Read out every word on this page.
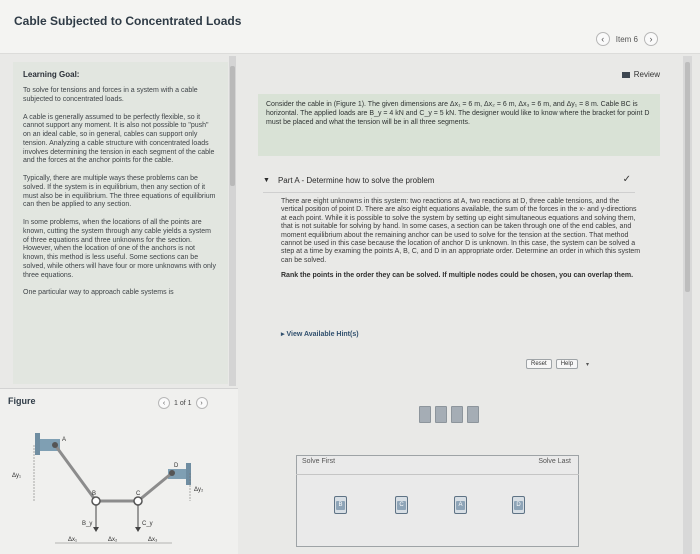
Cable Subjected to Concentrated Loads
‹ Item 6 ›
Learning Goal:

To solve for tensions and forces in a system with a cable subjected to concentrated loads.

A cable is generally assumed to be perfectly flexible, so it cannot support any moment. It is also not possible to "push" on an ideal cable, so in general, cables can support only tension. Analyzing a cable structure with concentrated loads involves determining the tension in each segment of the cable and the forces at the anchor points for the cable.

Typically, there are multiple ways these problems can be solved. If the system is in equilibrium, then any section of it must also be in equilibrium. The three equations of equilibrium can then be applied to any section.

In some problems, when the locations of all the points are known, cutting the system through any cable yields a system of three equations and three unknowns for the section. However, when the location of one of the anchors is not known, this method is less useful. Some sections can be solved, while others will have four or more unknowns with only three equations.

One particular way to approach cable systems is

Figure	‹ 1 of 1 ›
A
B	C
D
Δy₁
Δy₂
B_y	C_y
Δx₁	Δx₂	Δx₃
Review
Consider the cable in (Figure 1). The given dimensions are Δx₁ = 6 m, Δx₂ = 6 m, Δx₃ = 6 m, and Δy₁ = 8 m. Cable BC is horizontal. The applied loads are B_y = 4 kN and C_y = 5 kN. The designer would like to know where the bracket for point D must be placed and what the tension will be in all three segments.
▼ Part A - Determine how to solve the problem	✓
There are eight unknowns in this system: two reactions at A, two reactions at D, three cable tensions, and the vertical position of point D. There are also eight equations available, the sum of the forces in the x- and y-directions at each point. While it is possible to solve the system by setting up eight simultaneous equations and solving them, that is not suitable for solving by hand. In some cases, a section can be taken through one of the end cables, and moment equilibrium about the remaining anchor can be used to solve for the tension at the section. That method cannot be used in this case because the location of anchor D is unknown. In this case, the system can be solved a step at a time by examing the points A, B, C, and D in an appropriate order. Determine an order in which this system can be solved.
Rank the points in the order they can be solved. If multiple nodes could be chosen, you can overlap them.
▸ View Available Hint(s)
Reset	Help	▾
Solve First	Solve Last
B	C	A	D
